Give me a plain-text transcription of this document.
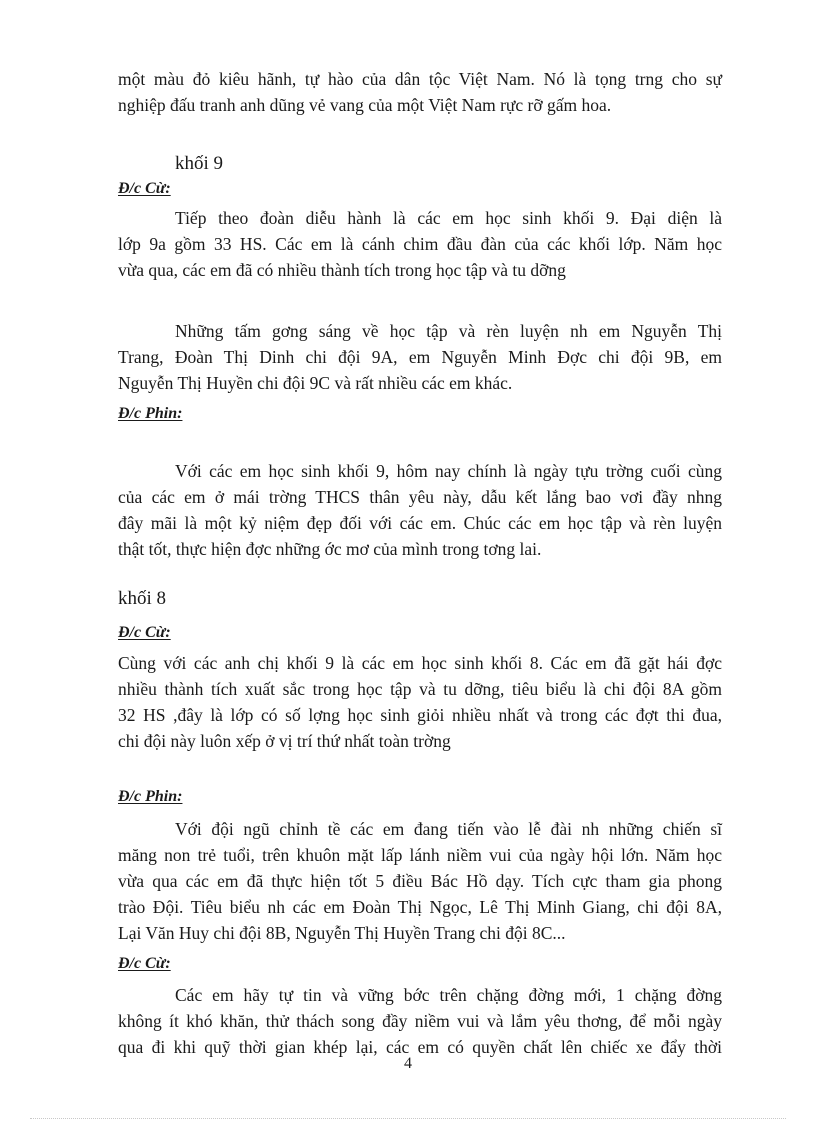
một màu đỏ kiêu hãnh, tự hào của dân tộc Việt Nam. Nó là tọng trng cho sự

nghiệp đấu tranh anh dũng vẻ vang của một Việt Nam rực rỡ gấm hoa.

khối 9
Đ/c Cừ:

Tiếp theo đoàn diễu hành là các em học sinh khối 9. Đại diện là

lớp 9a gồm 33 HS. Các em là cánh chim đầu đàn của các khối lớp. Năm học

vừa qua, các em đã có nhiều thành tích trong học tập và tu dỡng

Những tấm gơng sáng về học tập và rèn luyện nh em Nguyễn Thị

Trang, Đoàn Thị Dinh chi đội 9A, em Nguyễn Minh Đợc chi đội 9B, em

Nguyễn Thị Huyền chi đội 9C và rất nhiều các em khác.

Đ/c Phin:

Với các em học sinh khối 9, hôm nay chính là ngày tựu trờng cuối cùng

của các em ở mái trờng THCS thân yêu này, dẫu kết lắng bao vơi đầy nhng

đây mãi là một kỷ niệm đẹp đối với các em. Chúc các em học tập và rèn luyện

thật tốt, thực hiện đợc những ớc mơ của mình trong tơng lai.

khối 8
Đ/c Cừ:

Cùng với các anh chị khối 9 là các em học sinh khối 8. Các em đã gặt hái đợc

nhiều thành tích xuất sắc trong học tập và tu dỡng, tiêu biểu là chi đội 8A gồm

32 HS ,đây là lớp có số lợng học sinh giỏi nhiều nhất và trong các đợt thi đua,

chi đội này luôn xếp ở vị trí thứ nhất toàn trờng

Đ/c Phin:

Với đội ngũ chỉnh tề các em đang tiến vào lễ đài nh những chiến sĩ

măng non trẻ tuổi, trên khuôn mặt lấp lánh niềm vui của ngày hội lớn. Năm học

vừa qua các em đã thực hiện tốt 5 điều Bác Hồ dạy. Tích cực tham gia phong

trào Đội. Tiêu biểu nh các em Đoàn Thị Ngọc, Lê Thị Minh Giang, chi đội 8A,

Lại Văn Huy chi đội 8B, Nguyễn Thị Huyền Trang chi đội 8C...

Đ/c Cừ:

Các em hãy tự tin và vững bớc trên chặng đờng mới, 1 chặng đờng

không ít khó khăn, thử thách song đầy niềm vui và lắm yêu thơng, để mỗi ngày

qua đi khi quỹ thời gian khép lại, các em có quyền chất lên chiếc xe đẩy thời

4
